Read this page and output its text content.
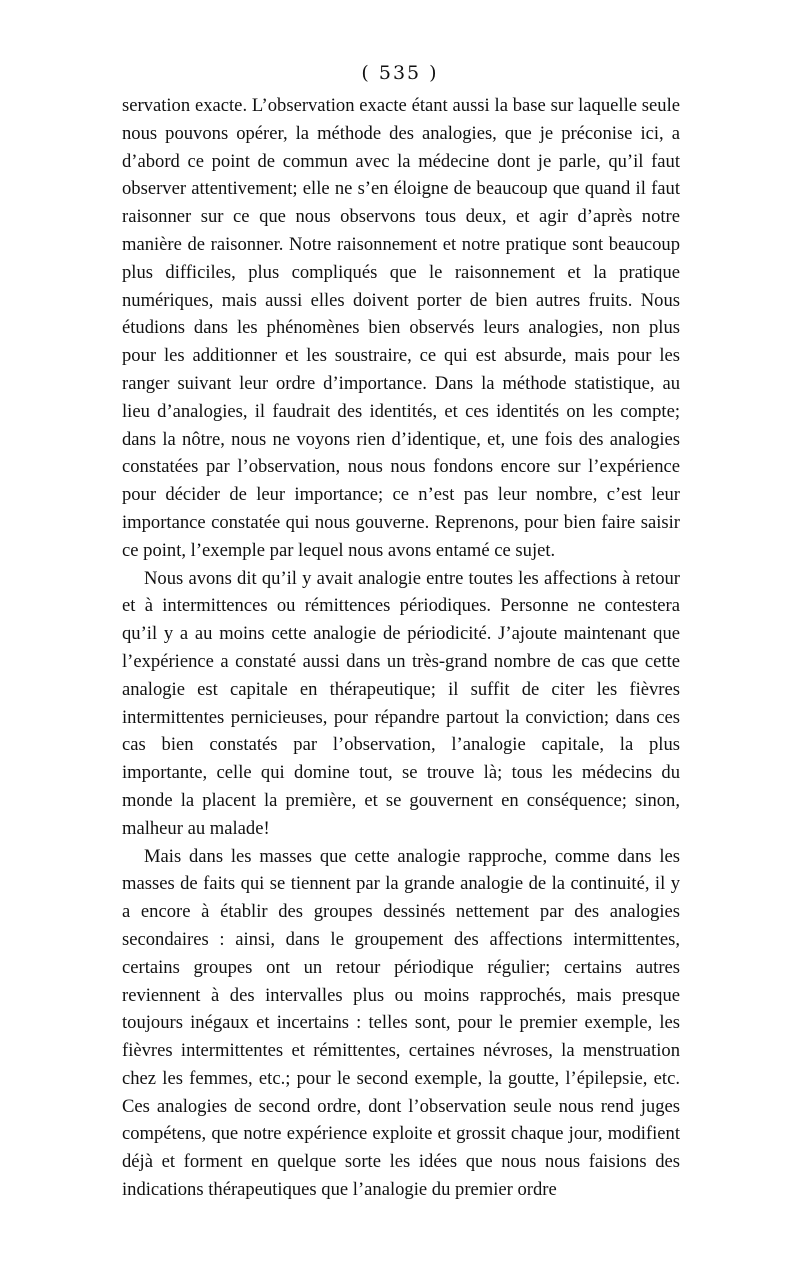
( 535 )

servation exacte. L’observation exacte étant aussi la base sur laquelle seule nous pouvons opérer, la méthode des analogies, que je préconise ici, a d’abord ce point de commun avec la médecine dont je parle, qu’il faut observer attentivement; elle ne s’en éloigne de beaucoup que quand il faut raisonner sur ce que nous observons tous deux, et agir d’après notre manière de raisonner. Notre raisonnement et notre pratique sont beaucoup plus difficiles, plus compliqués que le raisonnement et la pratique numériques, mais aussi elles doivent porter de bien autres fruits. Nous étudions dans les phénomènes bien observés leurs analogies, non plus pour les additionner et les soustraire, ce qui est absurde, mais pour les ranger suivant leur ordre d’importance. Dans la méthode statistique, au lieu d’analogies, il faudrait des identités, et ces identités on les compte; dans la nôtre, nous ne voyons rien d’identique, et, une fois des analogies constatées par l’observation, nous nous fondons encore sur l’expérience pour décider de leur importance; ce n’est pas leur nombre, c’est leur importance constatée qui nous gouverne. Reprenons, pour bien faire saisir ce point, l’exemple par lequel nous avons entamé ce sujet.

Nous avons dit qu’il y avait analogie entre toutes les affections à retour et à intermittences ou rémittences périodiques. Personne ne contestera qu’il y a au moins cette analogie de périodicité. J’ajoute maintenant que l’expérience a constaté aussi dans un très-grand nombre de cas que cette analogie est capitale en thérapeutique; il suffit de citer les fièvres intermittentes pernicieuses, pour répandre partout la conviction; dans ces cas bien constatés par l’observation, l’analogie capitale, la plus importante, celle qui domine tout, se trouve là; tous les médecins du monde la placent la première, et se gouvernent en conséquence; sinon, malheur au malade!

Mais dans les masses que cette analogie rapproche, comme dans les masses de faits qui se tiennent par la grande analogie de la continuité, il y a encore à établir des groupes dessinés nettement par des analogies secondaires : ainsi, dans le groupement des affections intermittentes, certains groupes ont un retour périodique régulier; certains autres reviennent à des intervalles plus ou moins rapprochés, mais presque toujours inégaux et incertains : telles sont, pour le premier exemple, les fièvres intermittentes et rémittentes, certaines névroses, la menstruation chez les femmes, etc.; pour le second exemple, la goutte, l’épilepsie, etc. Ces analogies de second ordre, dont l’observation seule nous rend juges compétens, que notre expérience exploite et grossit chaque jour, modifient déjà et forment en quelque sorte les idées que nous nous faisions des indications thérapeutiques que l’analogie du premier ordre
